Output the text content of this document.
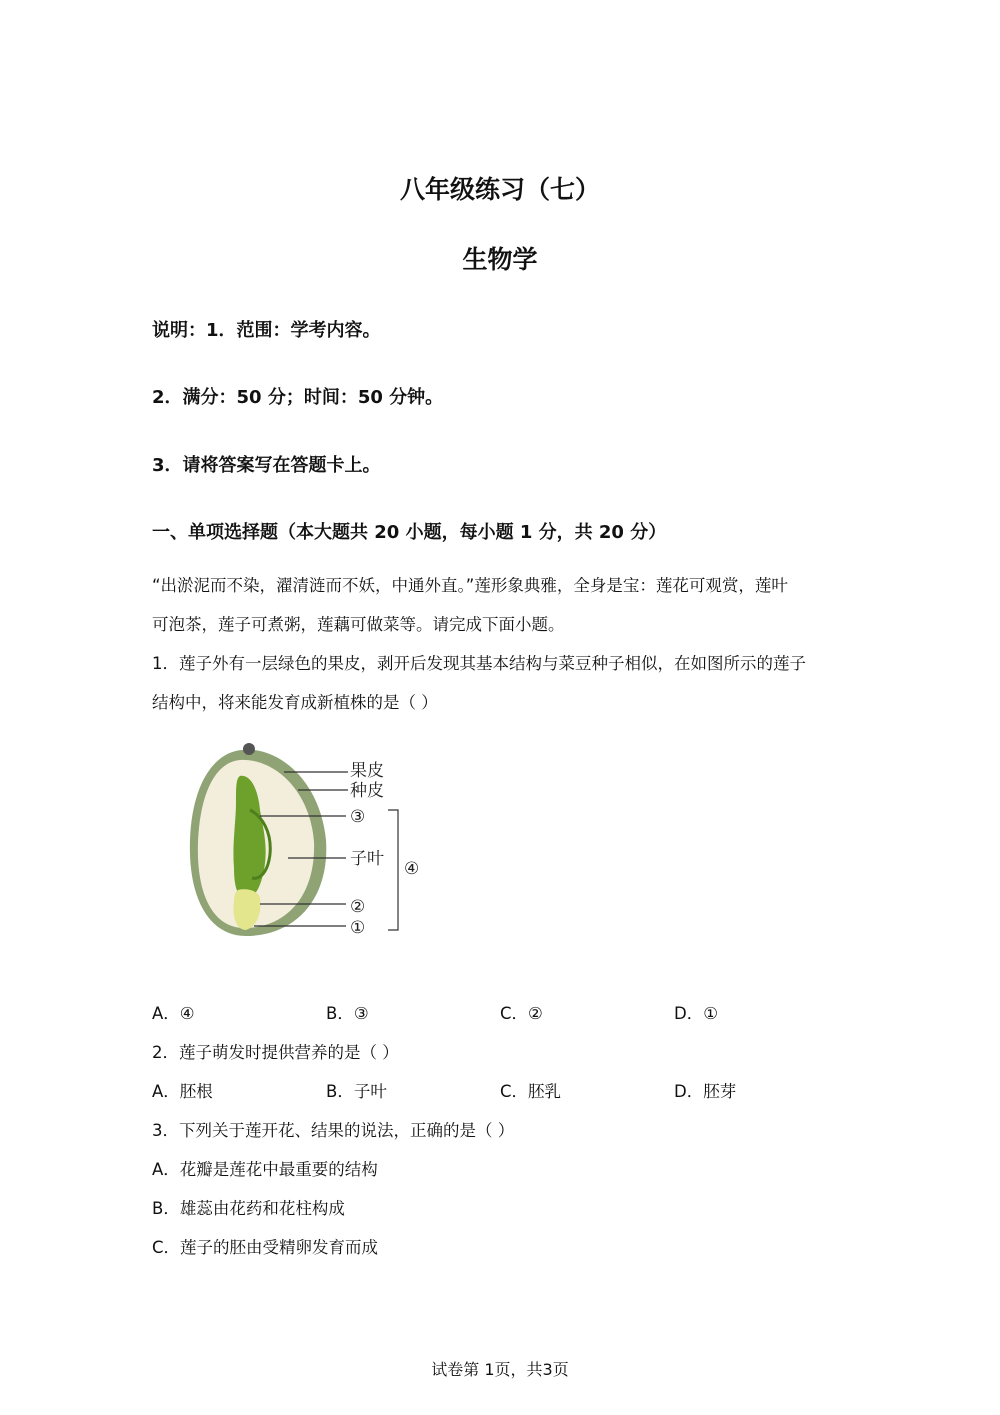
八年级练习（七）
生物学
说明：1．范围：学考内容。
2．满分：50 分；时间：50 分钟。
3．请将答案写在答题卡上。
一、单项选择题（本大题共 20 小题，每小题 1 分，共 20 分）
“出淤泥而不染，濯清涟而不妖，中通外直。”莲形象典雅，全身是宝：莲花可观赏，莲叶
可泡茶，莲子可煮粥，莲藕可做菜等。请完成下面小题。
1．莲子外有一层绿色的果皮，剥开后发现其基本结构与菜豆种子相似，在如图所示的莲子
结构中，将来能发育成新植株的是（ ）
果皮
种皮
③
子叶 ④
②
①
A．④	B．③	C．②	D．①
2．莲子萌发时提供营养的是（ ）
A．胚根	B．子叶	C．胚乳	D．胚芽
3．下列关于莲开花、结果的说法，正确的是（ ）
A．花瓣是莲花中最重要的结构
B．雄蕊由花药和花柱构成
C．莲子的胚由受精卵发育而成
试卷第 1页，共3页
